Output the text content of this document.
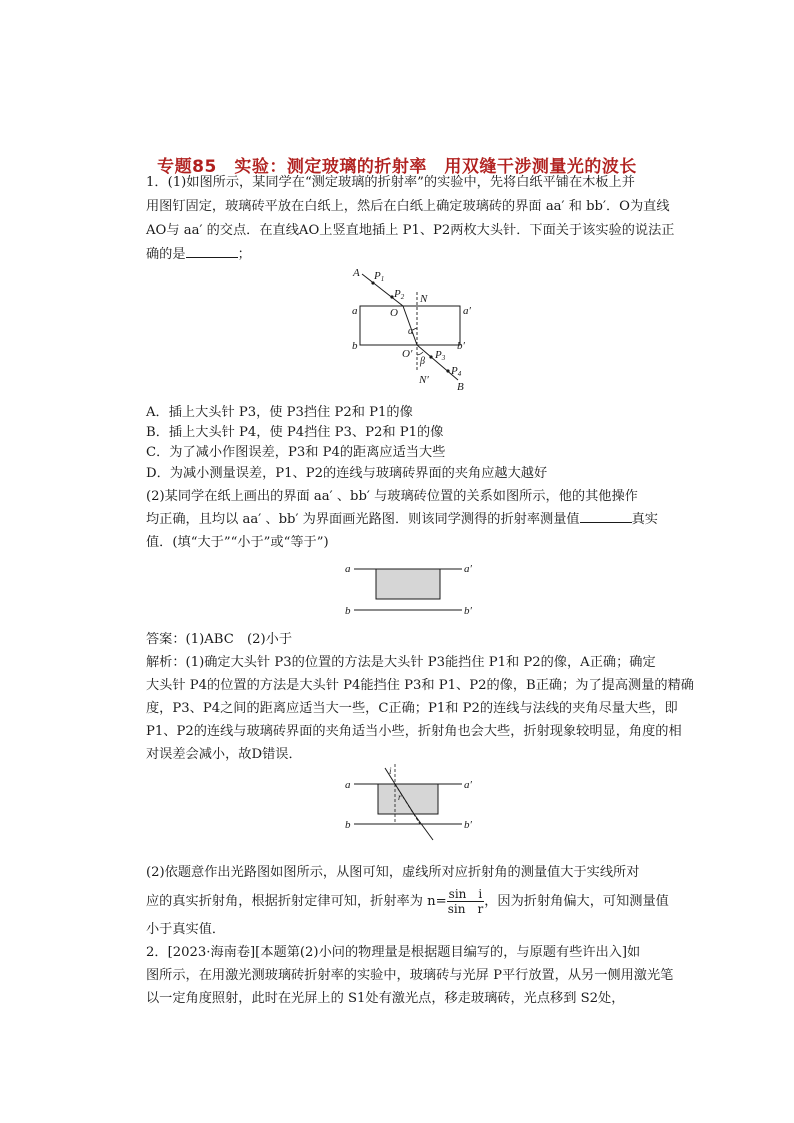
专题85　实验：测定玻璃的折射率　用双缝干涉测量光的波长
1．(1)如图所示，某同学在“测定玻璃的折射率”的实验中，先将白纸平铺在木板上并
用图钉固定，玻璃砖平放在白纸上，然后在白纸上确定玻璃砖的界面 aa′ 和 bb′．O为直线
AO与 aa′ 的交点．在直线AO上竖直地插上 P1、P2两枚大头针．下面关于该实验的说法正
确的是	；
A P1
P2 N
a	a′
O
α
b	b′
O′
β
P3
N′
P4
B
A．插上大头针 P3，使 P3挡住 P2和 P1的像
B．插上大头针 P4，使 P4挡住 P3、P2和 P1的像
C．为了减小作图误差，P3和 P4的距离应适当大些
D．为减小测量误差，P1、P2的连线与玻璃砖界面的夹角应越大越好
(2)某同学在纸上画出的界面 aa′ 、bb′ 与玻璃砖位置的关系如图所示，他的其他操作
均正确，且均以 aa′ 、bb′ 为界面画光路图．则该同学测得的折射率测量值	真实
值．(填“大于”“小于”或“等于”)
a	a′
b	b′
答案：(1)ABC　(2)小于
解析：(1)确定大头针 P3的位置的方法是大头针 P3能挡住 P1和 P2的像，A正确；确定
大头针 P4的位置的方法是大头针 P4能挡住 P3和 P1、P2的像，B正确；为了提高测量的精确
度，P3、P4之间的距离应适当大一些，C正确；P1和 P2的连线与法线的夹角尽量大些，即
P1、P2的连线与玻璃砖界面的夹角适当小些，折射角也会大些，折射现象较明显，角度的相
对误差会减小，故D错误．
a	a′
b	b′
i
r
(2)依题意作出光路图如图所示，从图可知，虚线所对应折射角的测量值大于实线所对
应的真实折射角，根据折射定律可知，折射率为 $n= \frac{\text{sin　i}}{\text{sin　r}}$ ，因为折射角偏大，可知测量值
小于真实值．
2．[2023·海南卷][本题第(2)小问的物理量是根据题目编写的，与原题有些许出入]如
图所示，在用激光测玻璃砖折射率的实验中，玻璃砖与光屏 P平行放置，从另一侧用激光笔
以一定角度照射，此时在光屏上的 S1处有激光点，移走玻璃砖，光点移到 S2处，
